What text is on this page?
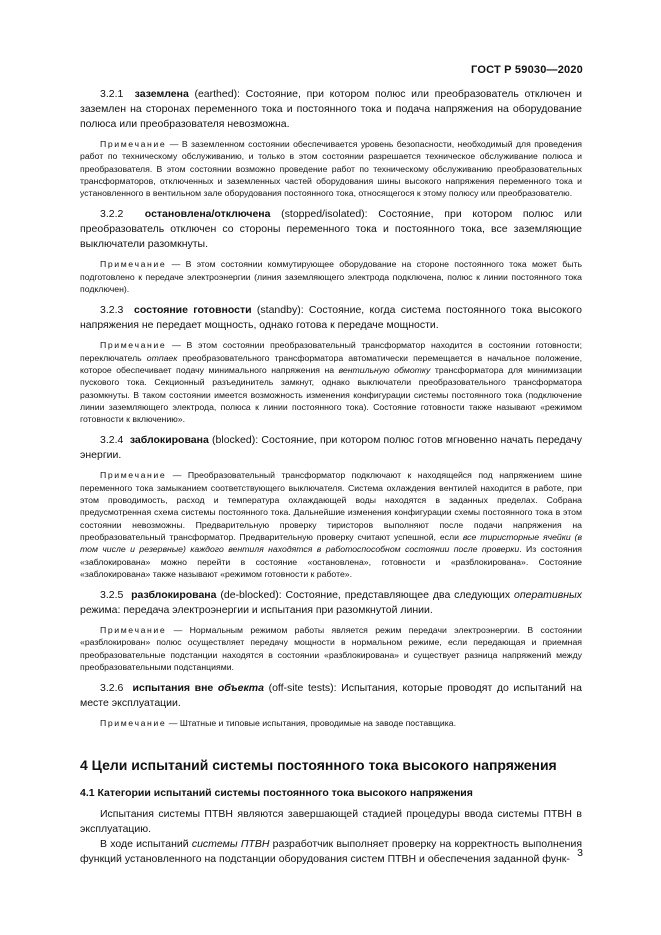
ГОСТ Р 59030—2020

3.2.1 заземлена (earthed): Состояние, при котором полюс или преобразователь отключен и заземлен на сторонах переменного тока и постоянного тока и подача напряжения на оборудование полюса или преобразователя невозможна.

Примечание — В заземленном состоянии обеспечивается уровень безопасности, необходимый для проведения работ по техническому обслуживанию, и только в этом состоянии разрешается техническое обслуживание полюса и преобразователя. В этом состоянии возможно проведение работ по техническому обслуживанию преобразовательных трансформаторов, отключенных и заземленных частей оборудования шины высокого напряжения переменного тока и установленного в вентильном зале оборудования постоянного тока, относящегося к этому полюсу или преобразователю.

3.2.2 остановлена/отключена (stopped/isolated): Состояние, при котором полюс или преобразователь отключен со стороны переменного тока и постоянного тока, все заземляющие выключатели разомкнуты.

Примечание — В этом состоянии коммутирующее оборудование на стороне постоянного тока может быть подготовлено к передаче электроэнергии (линия заземляющего электрода подключена, полюс к линии постоянного тока подключен).

3.2.3 состояние готовности (standby): Состояние, когда система постоянного тока высокого напряжения не передает мощность, однако готова к передаче мощности.

Примечание — В этом состоянии преобразовательный трансформатор находится в состоянии готовности; переключатель отпаек преобразовательного трансформатора автоматически перемещается в начальное положение, которое обеспечивает подачу минимального напряжения на вентильную обмотку трансформатора для минимизации пускового тока. Секционный разъединитель замкнут, однако выключатели преобразовательного трансформатора разомкнуты. В таком состоянии имеется возможность изменения конфигурации системы постоянного тока (подключение линии заземляющего электрода, полюса к линии постоянного тока). Состояние готовности также называют «режимом готовности к включению».

3.2.4 заблокирована (blocked): Состояние, при котором полюс готов мгновенно начать передачу энергии.

Примечание — Преобразовательный трансформатор подключают к находящейся под напряжением шине переменного тока замыканием соответствующего выключателя. Система охлаждения вентилей находится в работе, при этом проводимость, расход и температура охлаждающей воды находятся в заданных пределах. Собрана предусмотренная схема системы постоянного тока. Дальнейшие изменения конфигурации схемы постоянного тока в этом состоянии невозможны. Предварительную проверку тиристоров выполняют после подачи напряжения на преобразовательный трансформатор. Предварительную проверку считают успешной, если все тиристорные ячейки (в том числе и резервные) каждого вентиля находятся в работоспособном состоянии после проверки. Из состояния «заблокирована» можно перейти в состояние «остановлена», готовности и «разблокирована». Состояние «заблокирована» также называют «режимом готовности к работе».

3.2.5 разблокирована (de-blocked): Состояние, представляющее два следующих оперативных режима: передача электроэнергии и испытания при разомкнутой линии.

Примечание — Нормальным режимом работы является режим передачи электроэнергии. В состоянии «разблокирован» полюс осуществляет передачу мощности в нормальном режиме, если передающая и приемная преобразовательные подстанции находятся в состоянии «разблокирована» и существует разница напряжений между преобразовательными подстанциями.

3.2.6 испытания вне объекта (off-site tests): Испытания, которые проводят до испытаний на месте эксплуатации.

Примечание — Штатные и типовые испытания, проводимые на заводе поставщика.

4 Цели испытаний системы постоянного тока высокого напряжения

4.1 Категории испытаний системы постоянного тока высокого напряжения

Испытания системы ПТВН являются завершающей стадией процедуры ввода системы ПТВН в эксплуатацию.

В ходе испытаний системы ПТВН разработчик выполняет проверку на корректность выполнения функций установленного на подстанции оборудования систем ПТВН и обеспечения заданной функ- 3
